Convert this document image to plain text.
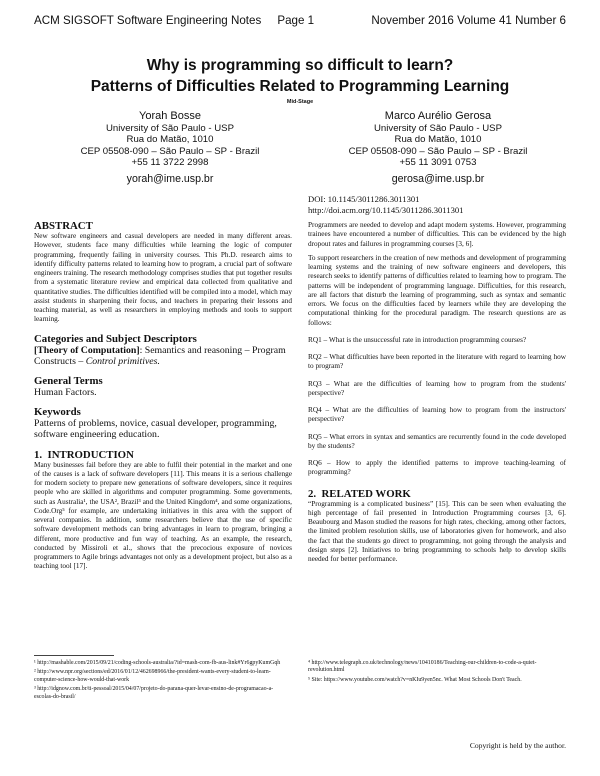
ACM SIGSOFT Software Engineering Notes     Page 1	November 2016 Volume 41 Number 6
Why is programming so difficult to learn?
Patterns of Difficulties Related to Programming Learning
Mid-Stage
Yorah Bosse
University of São Paulo - USP
Rua do Matão, 1010
CEP 05508-090 – São Paulo – SP - Brazil
+55 11 3722 2998
yorah@ime.usp.br
Marco Aurélio Gerosa
University of São Paulo - USP
Rua do Matão, 1010
CEP 05508-090 – São Paulo – SP - Brazil
+55 11 3091 0753
gerosa@ime.usp.br
ABSTRACT

New software engineers and casual developers are needed in many different areas. However, students face many difficulties while learning the logic of computer programming, frequently failing in university courses. This Ph.D. research aims to identify difficulty patterns related to learning how to program, a crucial part of software engineers training. The research methodology comprises studies that put together results from a systematic literature review and empirical data collected from qualitative and quantitative studies. The difficulties identified will be compiled into a model, which may assist students in sharpening their focus, and teachers in preparing their lessons and teaching material, as well as researchers in employing methods and tools to support learning.

Categories and Subject Descriptors

[Theory of Computation]: Semantics and reasoning – Program Constructs – Control primitives.

General Terms

Human Factors.

Keywords

Patterns of problems, novice, casual developer, programming, software engineering education.

1.  INTRODUCTION

Many businesses fail before they are able to fulfil their potential in the market and one of the causes is a lack of software developers [11]. This means it is a serious challenge for modern society to prepare new generations of software developers, since it requires people who are skilled in algorithms and computer programming. Some governments, such as Australia¹, the USA², Brazil³ and the United Kingdom⁴, and some organizations, Code.Org⁵ for example, are undertaking initiatives in this area with the support of several companies. In addition, some researchers believe that the use of specific software development methods can bring advantages in learn to program, bringing a different, more productive and fun way of teaching. As an example, the research, conducted by Missiroli et al., shows that the precocious exposure of novices programmers to Agile brings advantages not only as a development project, but also as a teaching tool [17].

DOI: 10.1145/3011286.3011301
http://doi.acm.org/10.1145/3011286.3011301

Programmers are needed to develop and adapt modern systems. However, programming trainees have encountered a number of difficulties. This can be evidenced by the high dropout rates and failures in programming courses [3, 6].

To support researchers in the creation of new methods and development of programming learning systems and the training of new software engineers and developers, this research seeks to identify patterns of difficulties related to learning how to program. The patterns will be independent of programming language. Difficulties, for this research, are all factors that disturb the learning of programming, such as syntax and semantic errors. We focus on the difficulties faced by learners while they are developing the computational thinking for the procedural paradigm. The research questions are as follows:

RQ1 – What is the unsuccessful rate in introduction programming courses?

RQ2 – What difficulties have been reported in the literature with regard to learning how to program?

RQ3 – What are the difficulties of learning how to program from the students' perspective?

RQ4 – What are the difficulties of learning how to program from the instructors' perspective?

RQ5 – What errors in syntax and semantics are recurrently found in the code developed by the students?

RQ6 – How to apply the identified patterns to improve teaching-learning of programming?

2.  RELATED WORK

“Programming is a complicated business” [15]. This can be seen when evaluating the high percentage of fail presented in Introduction Programming courses [3, 6]. Beaubourg and Mason studied the reasons for high rates, checking, among other factors, the limited problem resolution skills, use of laboratories given for homework, and also the fact that the students go direct to programming, not going through the analysis and design steps [2]. Initiatives to bring programming to schools help to develop skills needed for better performance.

¹ http://mashable.com/2015/09/21/coding-schools-australia/?id=mash-com-fb-aus-link#Yr6gpyKumGqh

² http://www.npr.org/sections/ed/2016/01/12/462698966/the-president-wants-every-student-to-learn-computer-science-how-would-that-work

³ http://idgnow.com.br/ti-pessoal/2015/04/07/projeto-do-parana-quer-levar-ensino-de-programacao-a-escolas-do-brasil/

⁴ http://www.telegraph.co.uk/technology/news/10410186/Teaching-our-children-to-code-a-quiet-revolution.html

⁵ Site: https://www.youtube.com/watch?v=nKIu9yen5nc. What Most Schools Don't Teach.

Copyright is held by the author.
